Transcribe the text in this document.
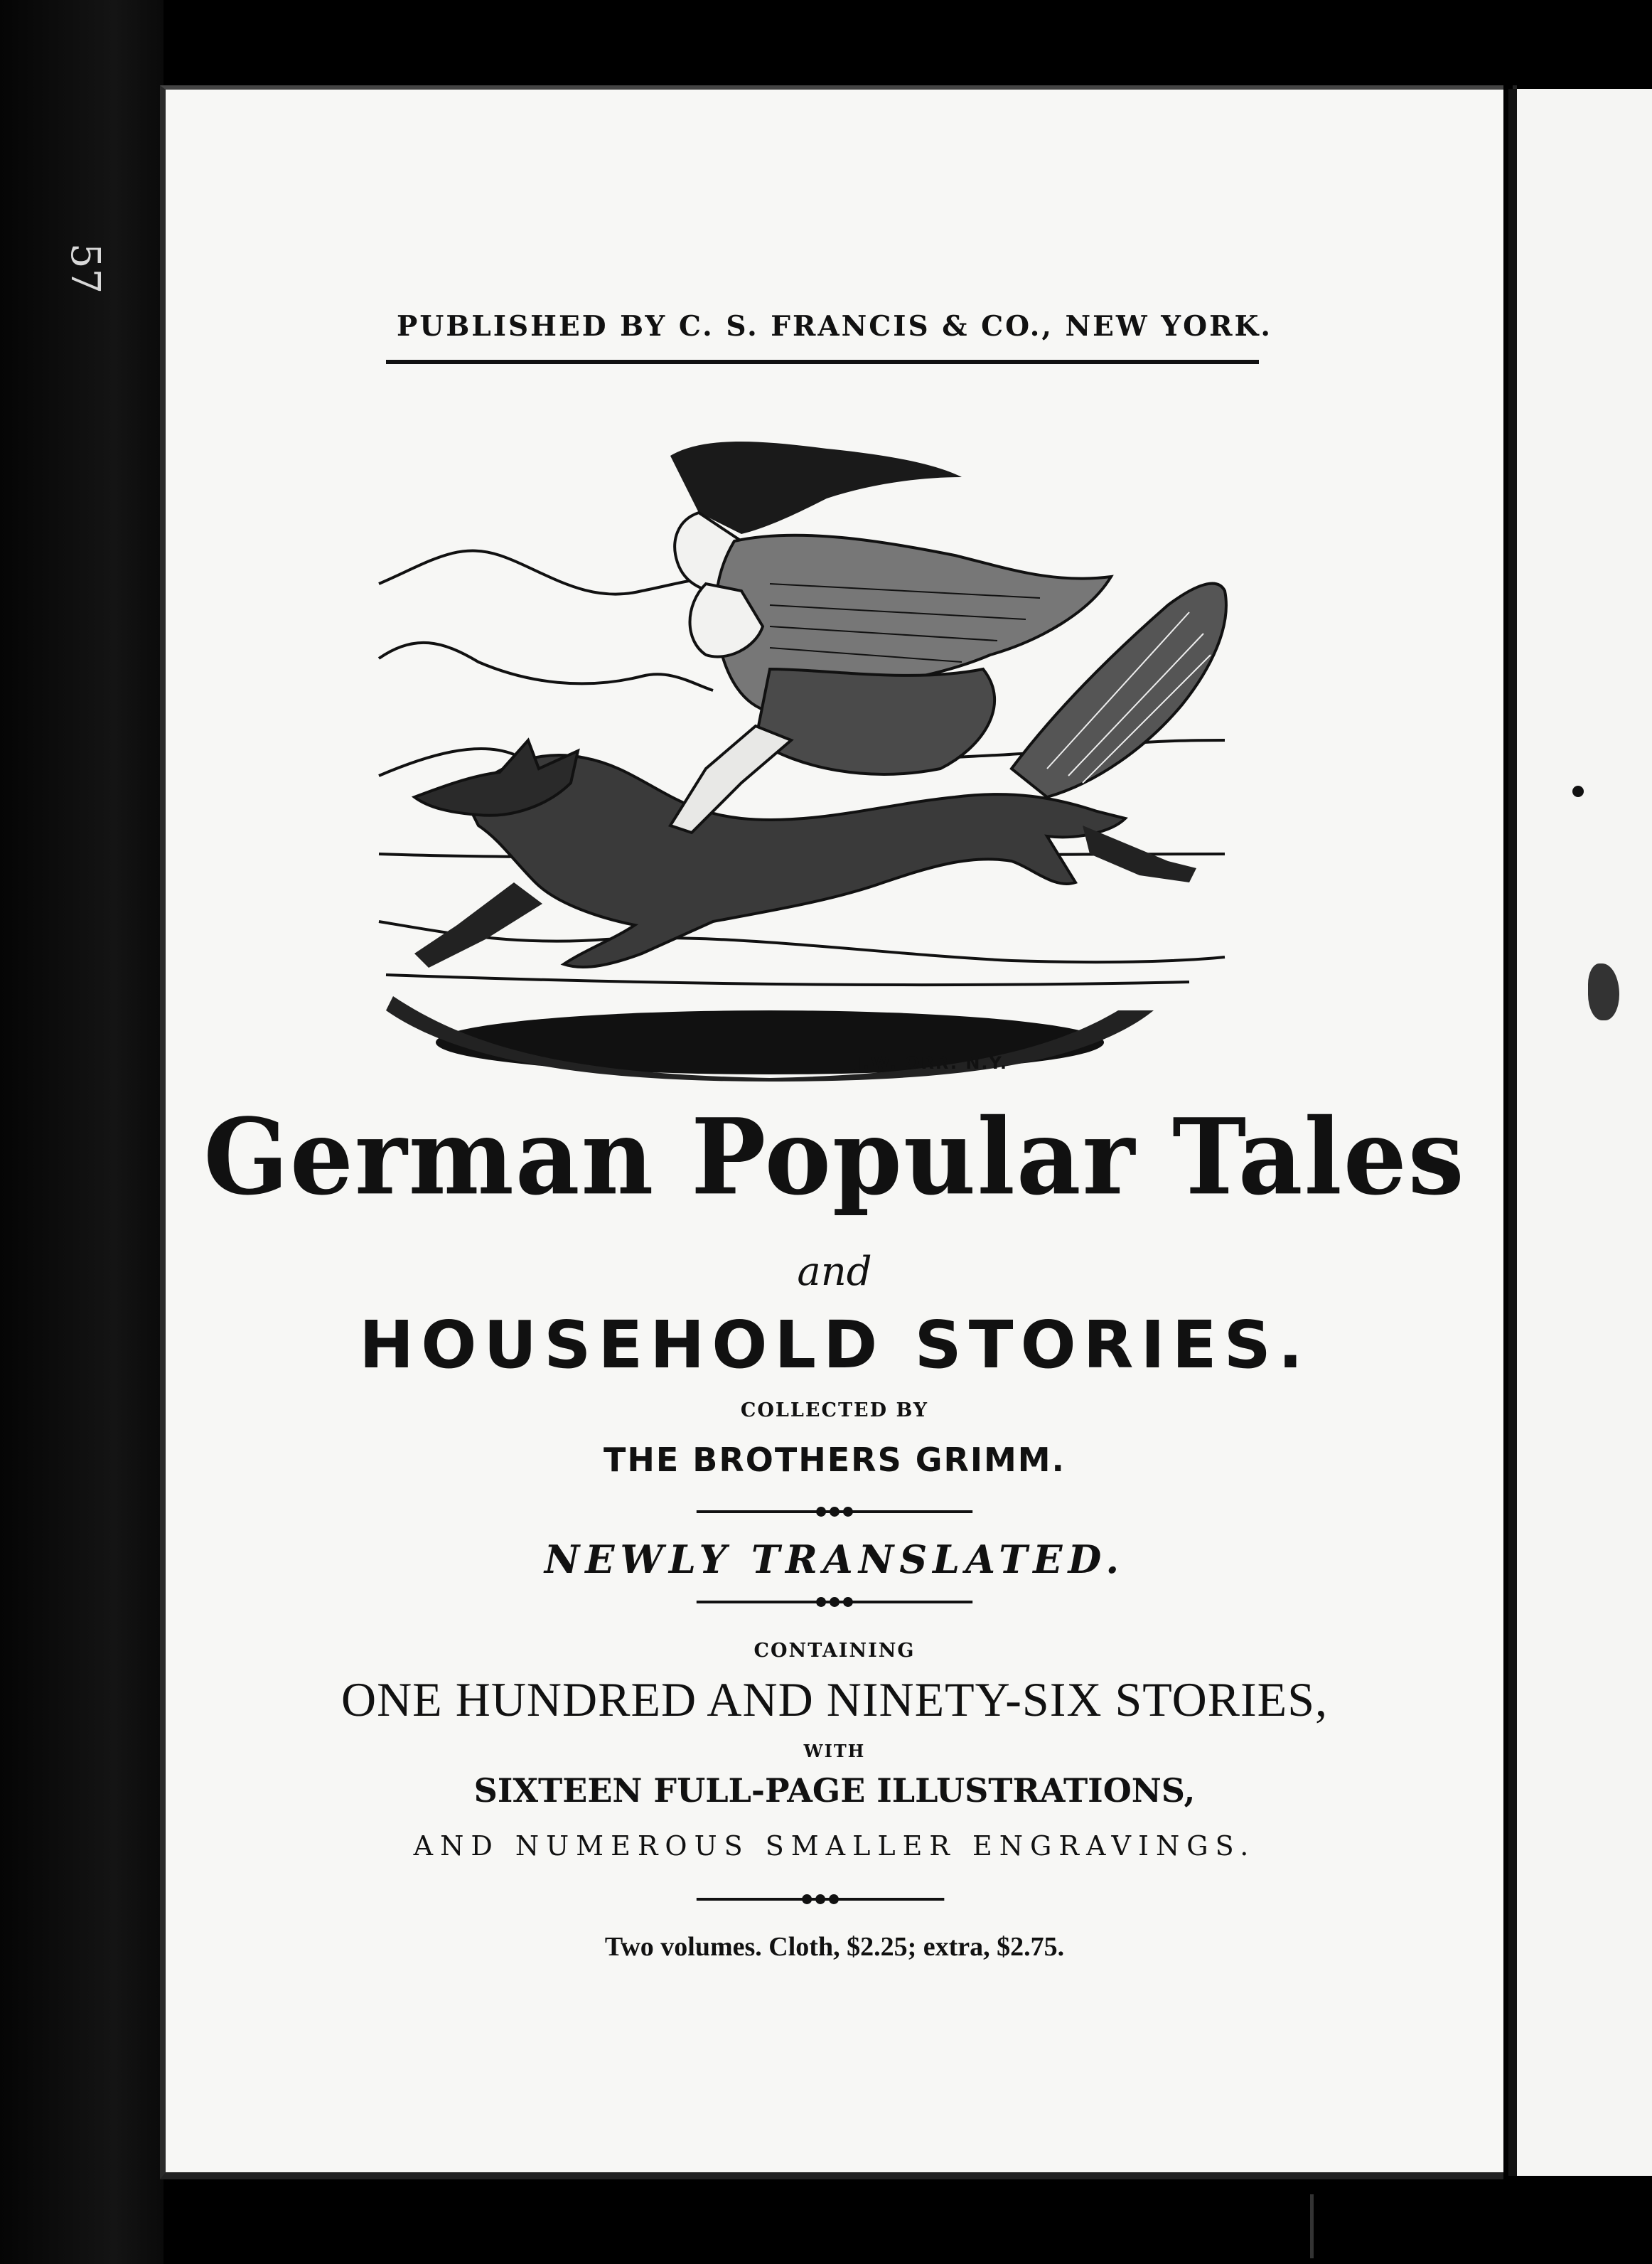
57
PUBLISHED BY C. S. FRANCIS & CO., NEW YORK.
J.W. ORR. N.Y.
German Popular Tales
and
HOUSEHOLD STORIES.
COLLECTED BY
THE BROTHERS GRIMM.
NEWLY TRANSLATED.
CONTAINING
ONE HUNDRED AND NINETY-SIX STORIES,
WITH
SIXTEEN FULL-PAGE ILLUSTRATIONS,
AND NUMEROUS SMALLER ENGRAVINGS.
Two volumes. Cloth, $2.25; extra, $2.75.
